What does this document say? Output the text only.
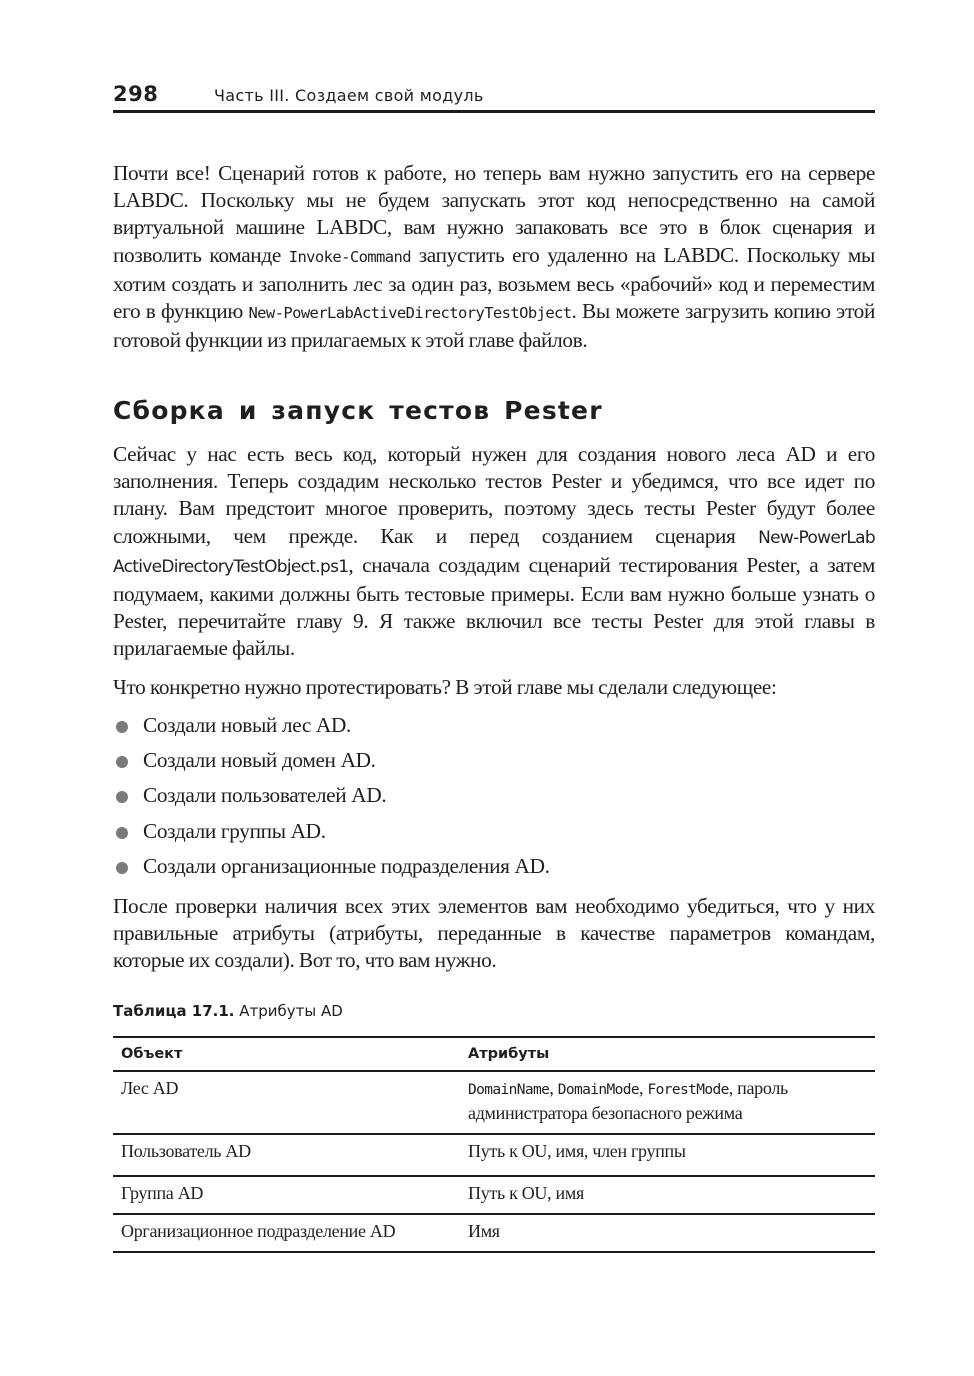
298	Часть III. Создаем свой модуль

Почти все! Сценарий готов к работе, но теперь вам нужно запустить его на сервере LABDC. Поскольку мы не будем запускать этот код непосредственно на самой виртуальной машине LABDC, вам нужно запаковать все это в блок сценария и позволить команде Invoke-Command запустить его удаленно на LABDC. Поскольку мы хотим создать и заполнить лес за один раз, возьмем весь «рабочий» код и переместим его в функцию New-PowerLabActiveDirectoryTestObject. Вы можете загрузить копию этой готовой функции из прилагаемых к этой главе файлов.

Сборка и запуск тестов Pester

Сейчас у нас есть весь код, который нужен для создания нового леса AD и его заполнения. Теперь создадим несколько тестов Pester и убедимся, что все идет по плану. Вам предстоит многое проверить, поэтому здесь тесты Pester будут более сложными, чем прежде. Как и перед созданием сценария New-PowerLab ActiveDirectoryTestObject.ps1, сначала создадим сценарий тестирования Pester, а затем подумаем, какими должны быть тестовые примеры. Если вам нужно больше узнать о Pester, перечитайте главу 9. Я также включил все тесты Pester для этой главы в прилагаемые файлы.

Что конкретно нужно протестировать? В этой главе мы сделали следующее:

Создали новый лес AD.
Создали новый домен AD.
Создали пользователей AD.
Создали группы AD.
Создали организационные подразделения AD.

После проверки наличия всех этих элементов вам необходимо убедиться, что у них правильные атрибуты (атрибуты, переданные в качестве параметров командам, которые их создали). Вот то, что вам нужно.

Таблица 17.1. Атрибуты AD
Объект	Атрибуты
Лес AD	DomainName, DomainMode, ForestMode, пароль администратора безопасного режима
Пользователь AD	Путь к OU, имя, член группы
Группа AD	Путь к OU, имя
Организационное подразделение AD	Имя
